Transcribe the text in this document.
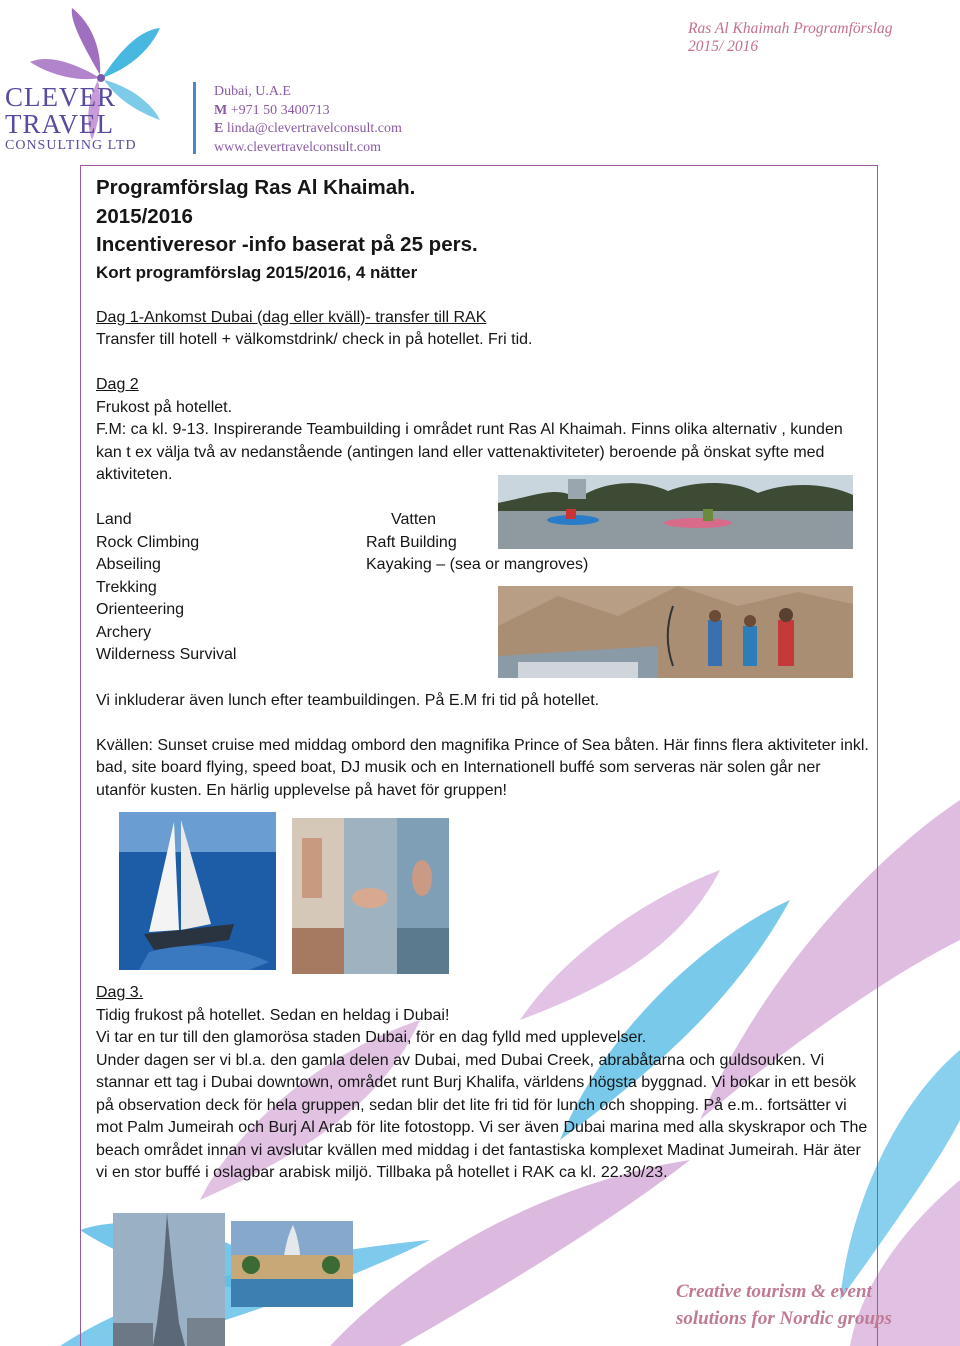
CLEVER
TRAVEL
CONSULTING LTD
Dubai, U.A.E
M +971 50 3400713
E linda@clevertravelconsult.com
www.clevertravelconsult.com
Ras Al Khaimah Programförslag
2015/ 2016

Programförslag Ras Al Khaimah.

2015/2016

Incentiveresor -info baserat på 25 pers.

Kort programförslag 2015/2016, 4 nätter

Dag 1-Ankomst Dubai (dag eller kväll)- transfer till RAK

Transfer till hotell + välkomstdrink/ check in på hotellet. Fri tid.

Dag 2

Frukost på hotellet.

F.M: ca kl. 9-13. Inspirerande Teambuilding i området runt Ras Al Khaimah. Finns olika alternativ , kunden kan t ex välja två av nedanstående (antingen land eller vattenaktiviteter) beroende på önskat syfte med aktiviteten.

Land

Rock Climbing

Abseiling

Trekking

Orienteering

Archery

Wilderness Survival

Vatten

Raft Building

Kayaking – (sea or mangroves)

Vi inkluderar även lunch efter teambuildingen. På E.M fri tid på hotellet.

Kvällen: Sunset cruise med middag ombord den magnifika Prince of Sea båten. Här finns flera aktiviteter inkl. bad, site board flying, speed boat, DJ musik och en Internationell buffé som serveras när solen går ner utanför kusten. En härlig upplevelse på havet för gruppen!

Dag 3.

Tidig frukost på hotellet. Sedan en heldag i Dubai!

Vi tar en tur till den glamorösa staden Dubai, för en dag fylld med upplevelser.

Under dagen ser vi bl.a. den gamla delen av Dubai, med Dubai Creek, abrabåtarna och guldsouken. Vi stannar ett tag i Dubai downtown, området runt Burj Khalifa, världens högsta byggnad. Vi bokar in ett besök på observation deck för hela gruppen, sedan blir det lite fri tid för lunch och shopping. På e.m.. fortsätter vi mot Palm Jumeirah och Burj Al Arab för lite fotostopp. Vi ser även Dubai marina med alla skyskrapor och The beach området innan vi avslutar kvällen med middag i det fantastiska komplexet Madinat Jumeirah. Här äter vi en stor buffé i oslagbar arabisk miljö. Tillbaka på hotellet i RAK ca kl. 22.30/23.

Creative tourism & event
solutions for Nordic groups
